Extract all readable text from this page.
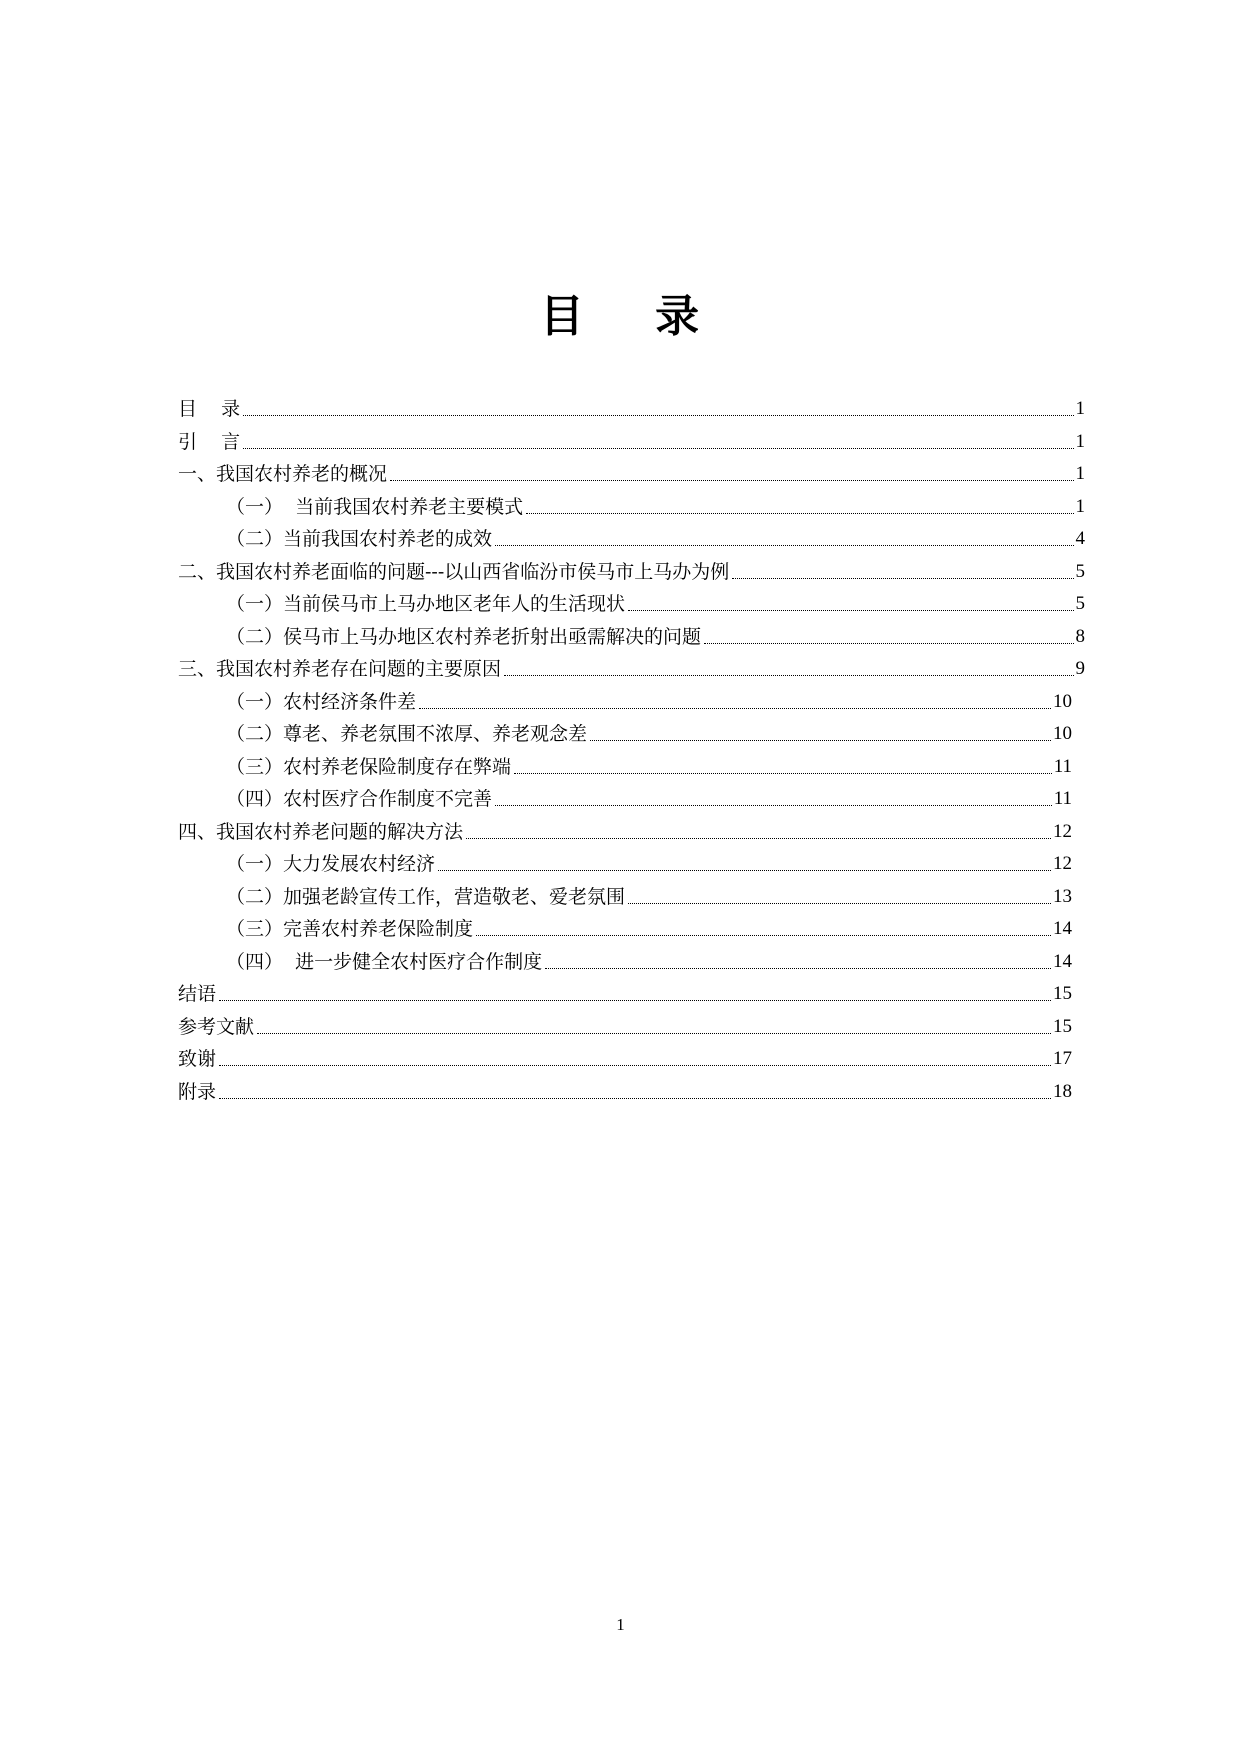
目    录
目    录	1
引    言	1
一、我国农村养老的概况	1
（一）  当前我国农村养老主要模式	1
（二）当前我国农村养老的成效	4
二、我国农村养老面临的问题---以山西省临汾市侯马市上马办为例	5
（一）当前侯马市上马办地区老年人的生活现状	5
（二）侯马市上马办地区农村养老折射出亟需解决的问题	8
三、我国农村养老存在问题的主要原因	9
（一）农村经济条件差	10
（二）尊老、养老氛围不浓厚、养老观念差	10
（三）农村养老保险制度存在弊端	11
（四）农村医疗合作制度不完善	11
四、我国农村养老问题的解决方法	12
（一）大力发展农村经济	12
（二）加强老龄宣传工作，营造敬老、爱老氛围	13
（三）完善农村养老保险制度	14
（四）  进一步健全农村医疗合作制度	14
结语	15
参考文献	15
致谢	17
附录	18
1
